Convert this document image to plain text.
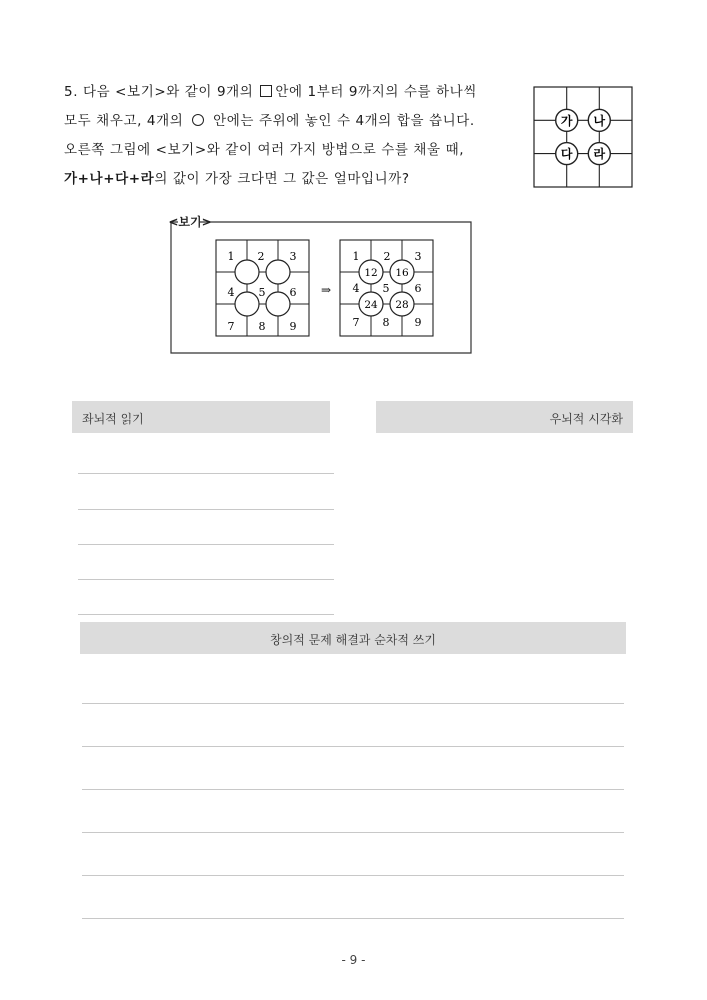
5. 다음 <보기>와 같이 9개의 안에 1부터 9까지의 수를 하나씩
모두 채우고, 4개의  안에는 주위에 놓인 수 4개의 합을 씁니다.
오른쪽 그림에 <보기>와 같이 여러 가지 방법으로 수를 채울 때,
가+나+다+라의 값이 가장 크다면 그 값은 얼마입니까?
가 나
다 라
<보기>
1 2 3
4 5 6
7 8 9
⇒
1 2 3
4 5 6
7 8 9
12 16
24 28
좌뇌적 읽기	우뇌적 시각화
창의적 문제 해결과 순차적 쓰기
- 9 -
